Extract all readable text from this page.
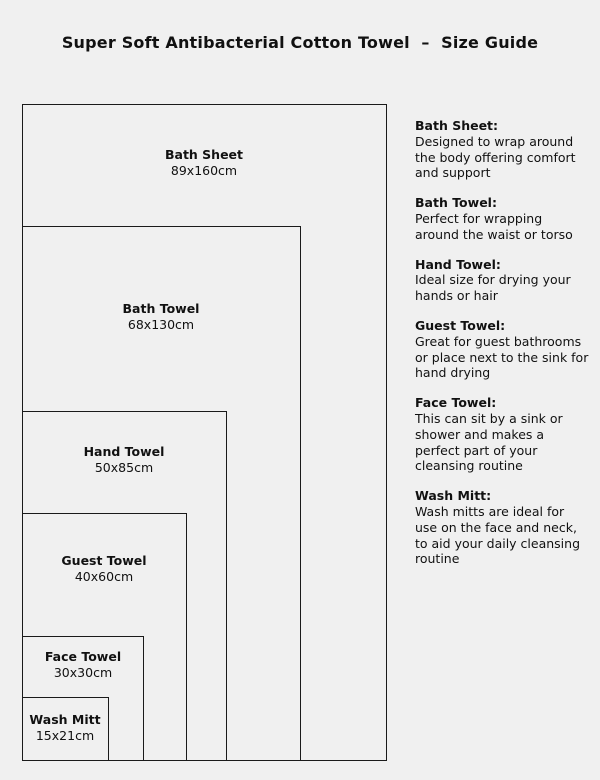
Super Soft Antibacterial Cotton Towel  –  Size Guide
Bath Sheet
89x160cm
Bath Towel
68x130cm
Hand Towel
50x85cm
Guest Towel
40x60cm
Face Towel
30x30cm
Wash Mitt
15x21cm
Bath Sheet:
Designed to wrap around the body offering comfort and support
Bath Towel:
Perfect for wrapping around the waist or torso
Hand Towel:
Ideal size for drying your hands or hair
Guest Towel:
Great for guest bathrooms or place next to the sink for hand drying
Face Towel:
This can sit by a sink or shower and makes a perfect part of your cleansing routine
Wash Mitt:
Wash mitts are ideal for use on the face and neck, to aid your daily cleansing routine
